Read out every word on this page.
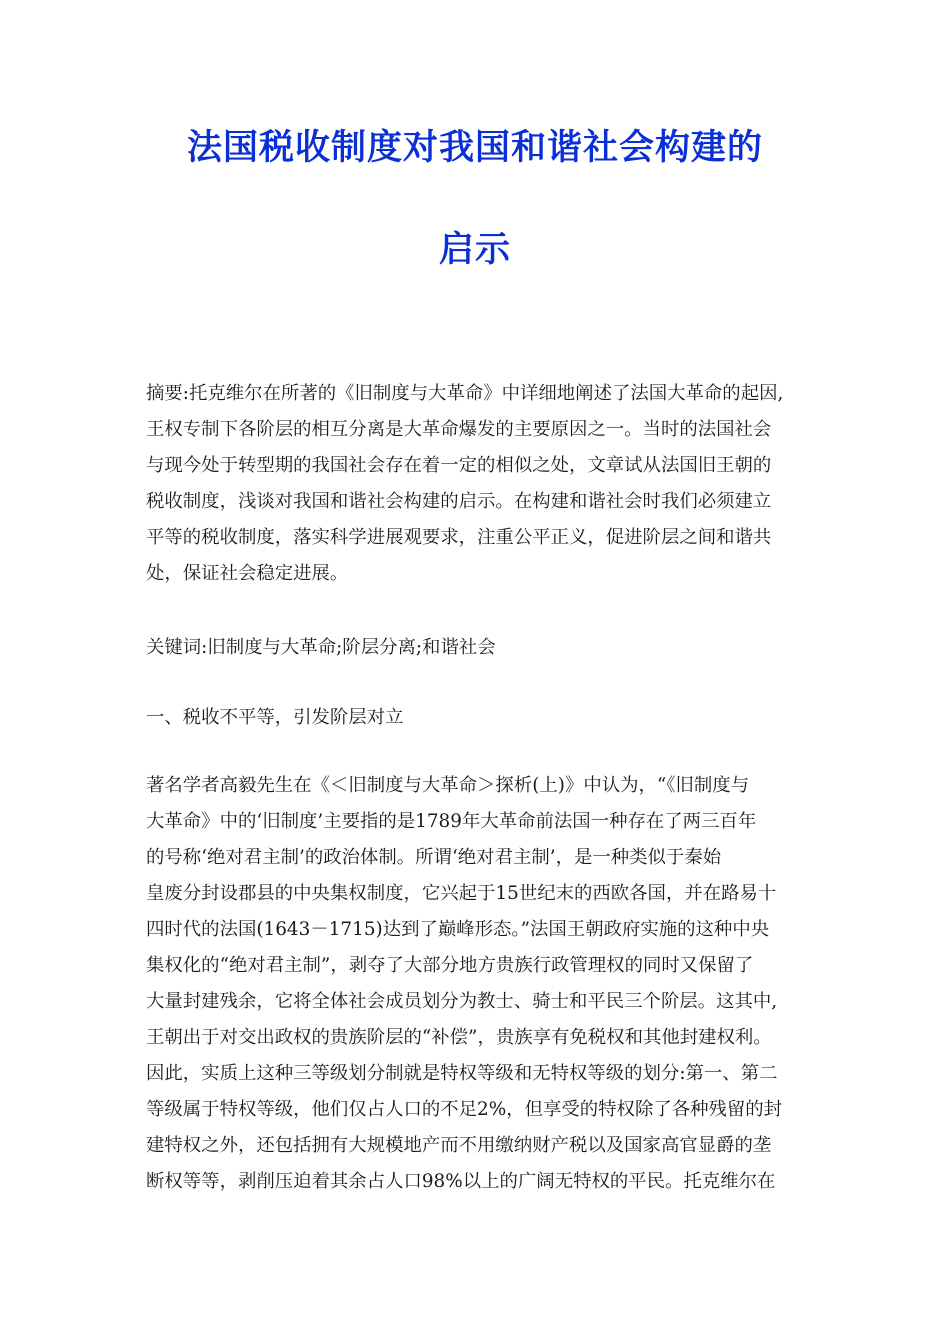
法国税收制度对我国和谐社会构建的
启示
摘要:托克维尔在所著的《旧制度与大革命》中详细地阐述了法国大革命的起因,
王权专制下各阶层的相互分离是大革命爆发的主要原因之一。当时的法国社会
与现今处于转型期的我国社会存在着一定的相似之处，文章试从法国旧王朝的
税收制度，浅谈对我国和谐社会构建的启示。在构建和谐社会时我们必须建立
平等的税收制度，落实科学进展观要求，注重公平正义，促进阶层之间和谐共
处，保证社会稳定进展。
关键词:旧制度与大革命;阶层分离;和谐社会
一、税收不平等，引发阶层对立
著名学者高毅先生在《＜旧制度与大革命＞探析(上)》中认为，“《旧制度与
大革命》中的‘旧制度’主要指的是1789年大革命前法国一种存在了两三百年
的号称‘绝对君主制’的政治体制。所谓‘绝对君主制’，是一种类似于秦始
皇废分封设郡县的中央集权制度，它兴起于15世纪末的西欧各国，并在路易十
四时代的法国(1643－1715)达到了巅峰形态。”法国王朝政府实施的这种中央
集权化的“绝对君主制”，剥夺了大部分地方贵族行政管理权的同时又保留了
大量封建残余，它将全体社会成员划分为教士、骑士和平民三个阶层。这其中,
王朝出于对交出政权的贵族阶层的“补偿”，贵族享有免税权和其他封建权利。
因此，实质上这种三等级划分制就是特权等级和无特权等级的划分:第一、第二
等级属于特权等级，他们仅占人口的不足2%，但享受的特权除了各种残留的封
建特权之外，还包括拥有大规模地产而不用缴纳财产税以及国家高官显爵的垄
断权等等，剥削压迫着其余占人口98%以上的广阔无特权的平民。托克维尔在
